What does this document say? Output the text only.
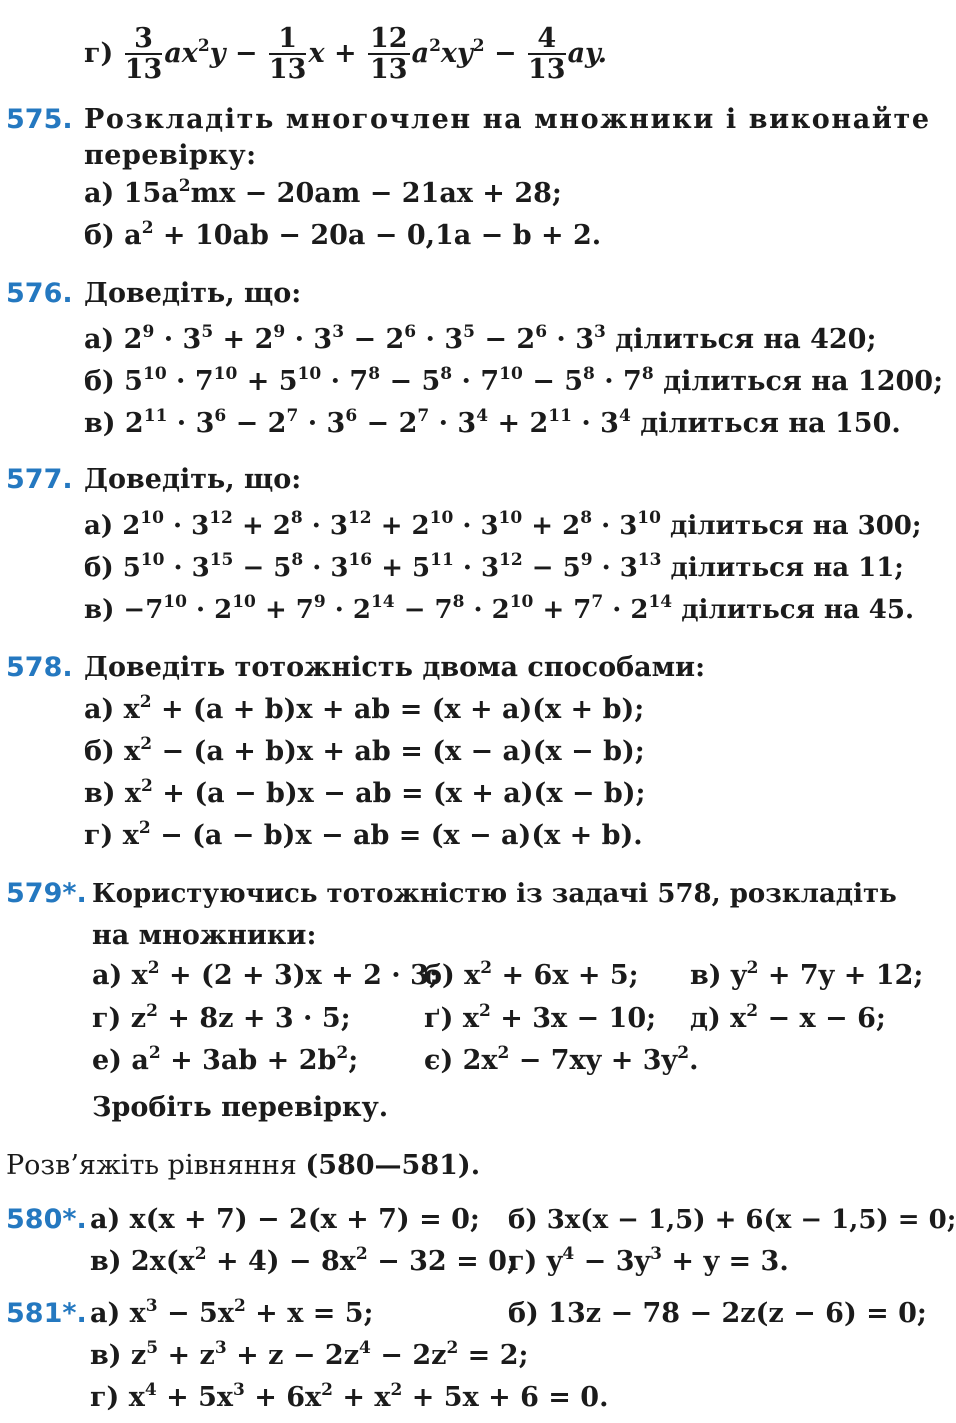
$г) \frac{3}{13} ax^2y - \frac{1}{13}$ $x + \frac{12}{13} a^2xy^2 - \frac{4}{13}$ ay.
575. Розкладіть многочлен на множники і виконайте
перевірку:
а) $15a^2mx - 20am - 21ax + 28$;
б) $a^2 + 10ab - 20a - 0,1a - b + 2$.
576. Доведіть, що:
а) $2^9 \cdot 3^5 + 2^9 \cdot 3^3 - 2^6 \cdot 3^5 - 2^6 \cdot 3^3$ ділиться на 420;
б) $5^{10} \cdot 7^{10} + 5^{10} \cdot 7^8 - 5^8 \cdot 7^{10} - 5^8 \cdot 7^8$ ділиться на 1200;
в) $2^{11} \cdot 3^6 - 2^7 \cdot 3^6 - 2^7 \cdot 3^4 + 2^{11} \cdot 3^4$ ділиться на 150.
577. Доведіть, що:
а) $2^{10} \cdot 3^{12} + 2^8 \cdot 3^{12} + 2^{10} \cdot 3^{10} + 2^8 \cdot 3^{10}$ ділиться на 300;
б) $5^{10} \cdot 3^{15} - 5^8 \cdot 3^{16} + 5^{11} \cdot 3^{12} - 5^9 \cdot 3^{13}$ ділиться на 11;
$в) -7^{10} \cdot 2^{10} + 7^9 \cdot 2^{14} - 7^8 \cdot 2^{10} + 7^7 \cdot 2^{14}$ ділиться на 45.
578. Доведіть тотожність двома способами:
а) $x^2 + (a + b)x$ + ab = (x + a)(x + b);
б) $x^2 - (a + b)x$ + ab = (x − a)(x − b);
в) $x^2 + (a - b)x$ − ab = (x + a)(x − b);
г) $x^2 - (a - b)x$ − ab = (x − a)(x + b).
579*. Користуючись тотожністю із задачі 578, розкладіть
на множники:
а) $x^2 + (2 + 3)x + 2 \cdot 3$;
б) $x^2 + 6x + 5$; в) $y^2 + 7y + 12$;
г) $z^2 + 8z + 3 \cdot 5$;	ґ) $x^2 + 3x - 10$; д) $x^2 - x - 6$;
е) $a^2 + 3ab + 2b^2$; є) $2x^2 - 7xy + 3y^2$.
Зробіть перевірку.
Розв’яжіть рівняння (580—581).
580*. а) x(x + 7) − 2(x + 7) = 0; б) 3x(x − 1,5) + 6(x − 1,5) = 0;
в) $2x(x^2 + 4) - 8x^2 - 32 = 0$;
г) $y^4 - 3y^3 + y = 3$.
581*. а) $x^3 - 5x^2 + x = 5$;	б) 13z − 78 − 2z(z − 6) = 0;
в) $z^5 + z^3 + z - 2z^4 - 2z^2 = 2$;
г) $x^4 + 5x^3 + 6x^2 + x^2 + 5x + 6 = 0$.
